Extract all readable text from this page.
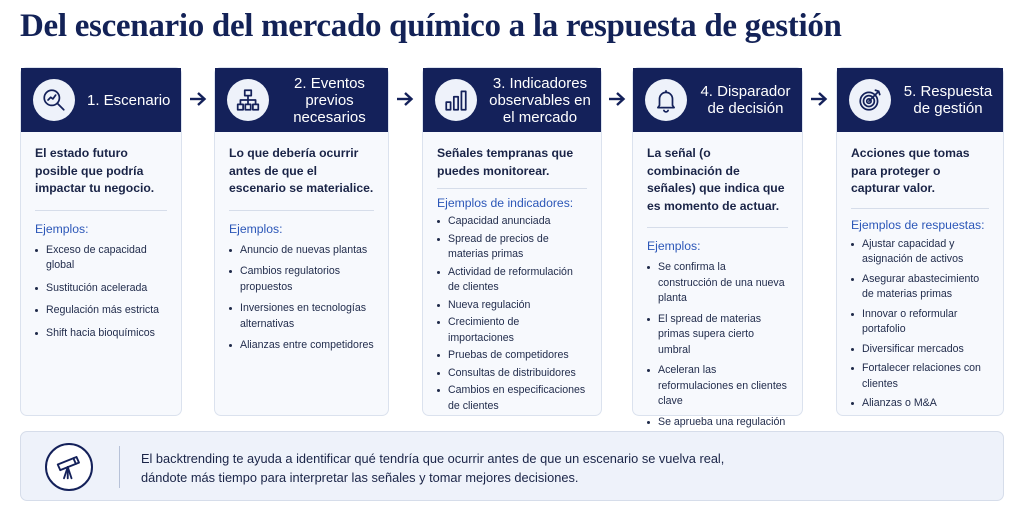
Del escenario del mercado químico a la respuesta de gestión
1. Escenario
El estado futuro posible que podría impactar tu negocio.
Ejemplos:
Exceso de capacidad global
Sustitución acelerada
Regulación más estricta
Shift hacia bioquímicos
2. Eventos previos necesarios
Lo que debería ocurrir antes de que el escenario se materialice.
Ejemplos:
Anuncio de nuevas plantas
Cambios regulatorios propuestos
Inversiones en tecnologías alternativas
Alianzas entre competidores
3. Indicadores observables en el mercado
Señales tempranas que puedes monitorear.
Ejemplos de indicadores:
Capacidad anunciada
Spread de precios de materias primas
Actividad de reformulación de clientes
Nueva regulación
Crecimiento de importaciones
Pruebas de competidores
Consultas de distribuidores
Cambios en especificaciones de clientes
4. Disparador de decisión
La señal (o combinación de señales) que indica que es momento de actuar.
Ejemplos:
Se confirma la construcción de una nueva planta
El spread de materias primas supera cierto umbral
Aceleran las reformulaciones en clientes clave
Se aprueba una regulación
5. Respuesta de gestión
Acciones que tomas para proteger o capturar valor.
Ejemplos de respuestas:
Ajustar capacidad y asignación de activos
Asegurar abastecimiento de materias primas
Innovar o reformular portafolio
Diversificar mercados
Fortalecer relaciones con clientes
Alianzas o M&A
El backtrending te ayuda a identificar qué tendría que ocurrir antes de que un escenario se vuelva real,
dándote más tiempo para interpretar las señales y tomar mejores decisiones.
